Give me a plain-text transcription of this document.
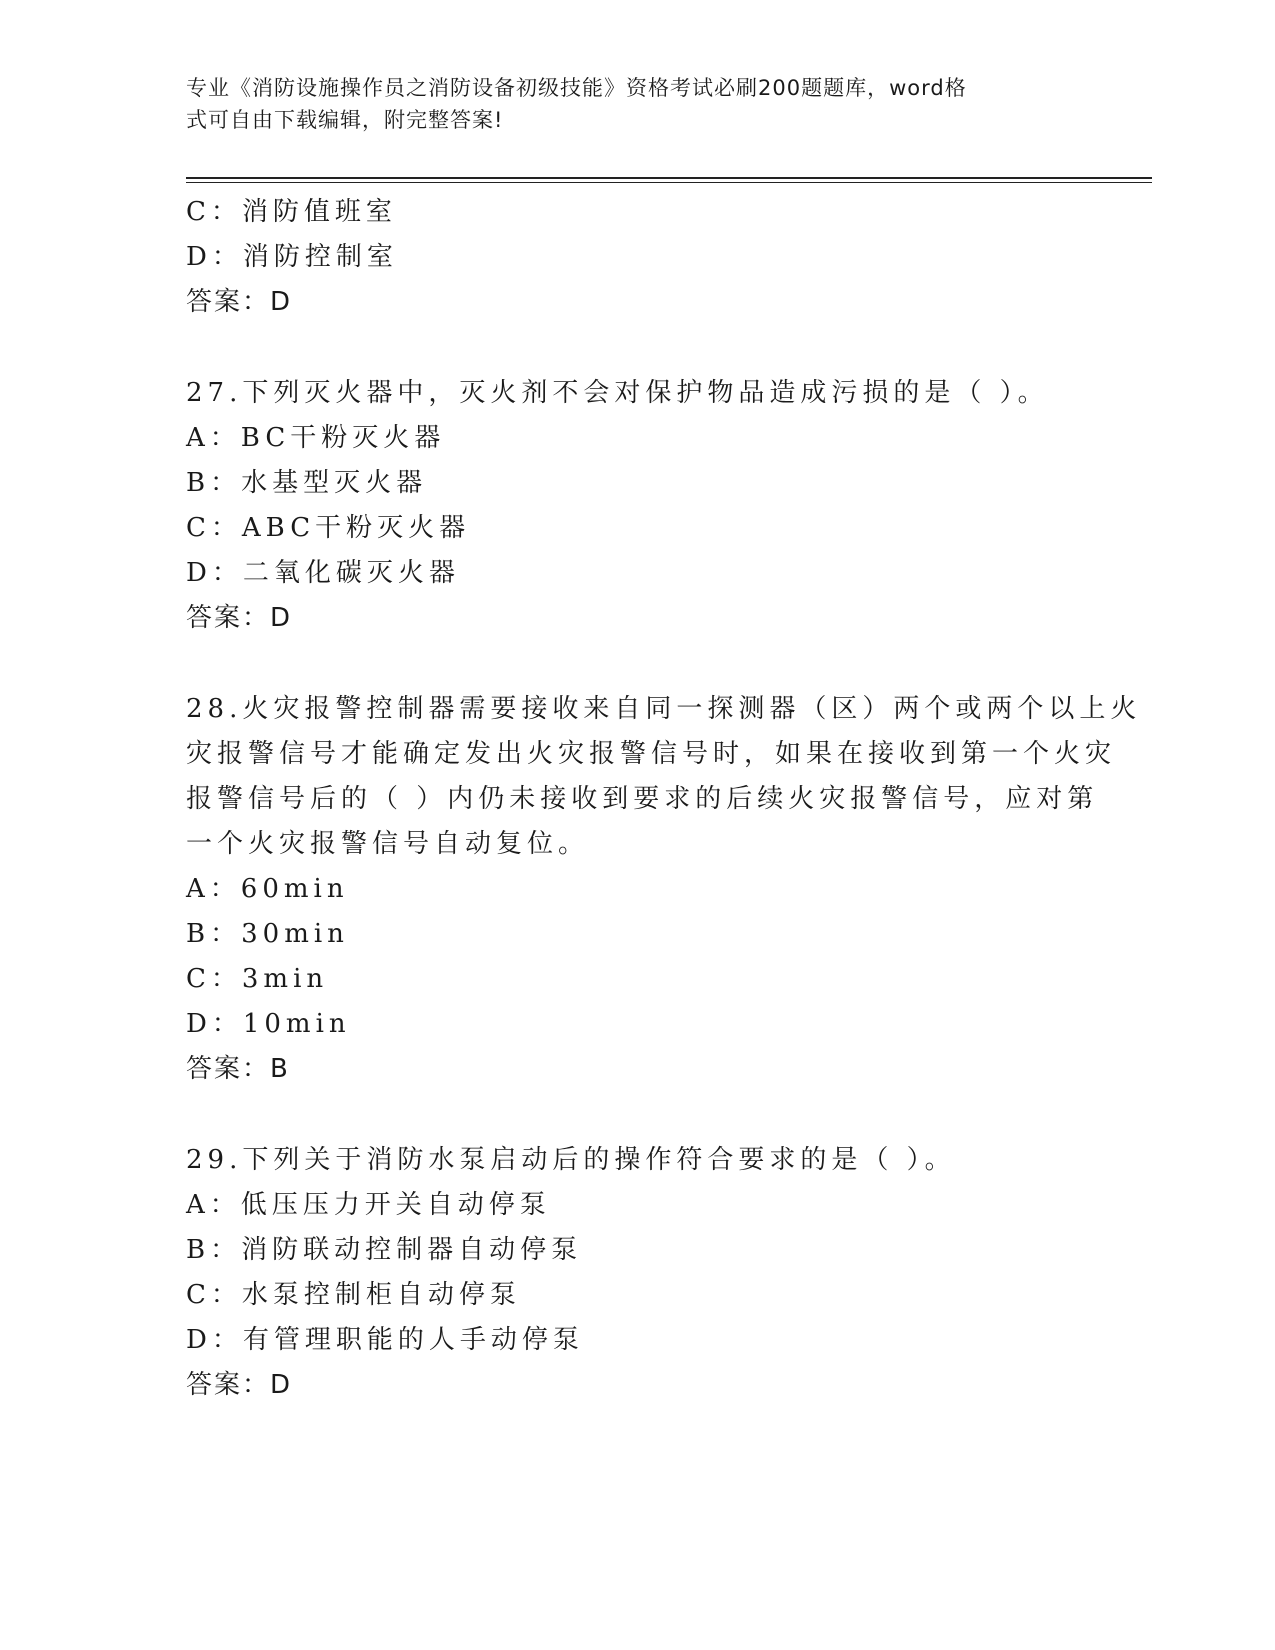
专业《消防设施操作员之消防设备初级技能》资格考试必刷200题题库，word格
式可自由下载编辑，附完整答案!
C：消防值班室
D：消防控制室
答案：D
27.下列灭火器中，灭火剂不会对保护物品造成污损的是（ ）。
A：BC干粉灭火器
B：水基型灭火器
C：ABC干粉灭火器
D：二氧化碳灭火器
答案：D
28.火灾报警控制器需要接收来自同一探测器（区）两个或两个以上火
灾报警信号才能确定发出火灾报警信号时，如果在接收到第一个火灾
报警信号后的（ ）内仍未接收到要求的后续火灾报警信号，应对第
一个火灾报警信号自动复位。
A：60min
B：30min
C：3min
D：10min
答案：B
29.下列关于消防水泵启动后的操作符合要求的是（ ）。
A：低压压力开关自动停泵
B：消防联动控制器自动停泵
C：水泵控制柜自动停泵
D：有管理职能的人手动停泵
答案：D
